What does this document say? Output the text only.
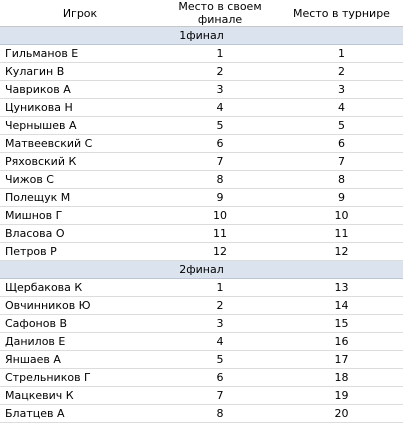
Игрок	Место в своем финале	Место в турнире
1финал		
Гильманов Е	1	1
Кулагин В	2	2
Чавриков А	3	3
Цуникова Н	4	4
Чернышев А	5	5
Матвеевский С	6	6
Ряховский К	7	7
Чижов С	8	8
Полещук М	9	9
Мишнов Г	10	10
Власова О	11	11
Петров Р	12	12
2финал		
Щербакова К	1	13
Овчинников Ю	2	14
Сафонов В	3	15
Данилов Е	4	16
Яншаев А	5	17
Стрельников Г	6	18
Мацкевич К	7	19
Блатцев А	8	20
